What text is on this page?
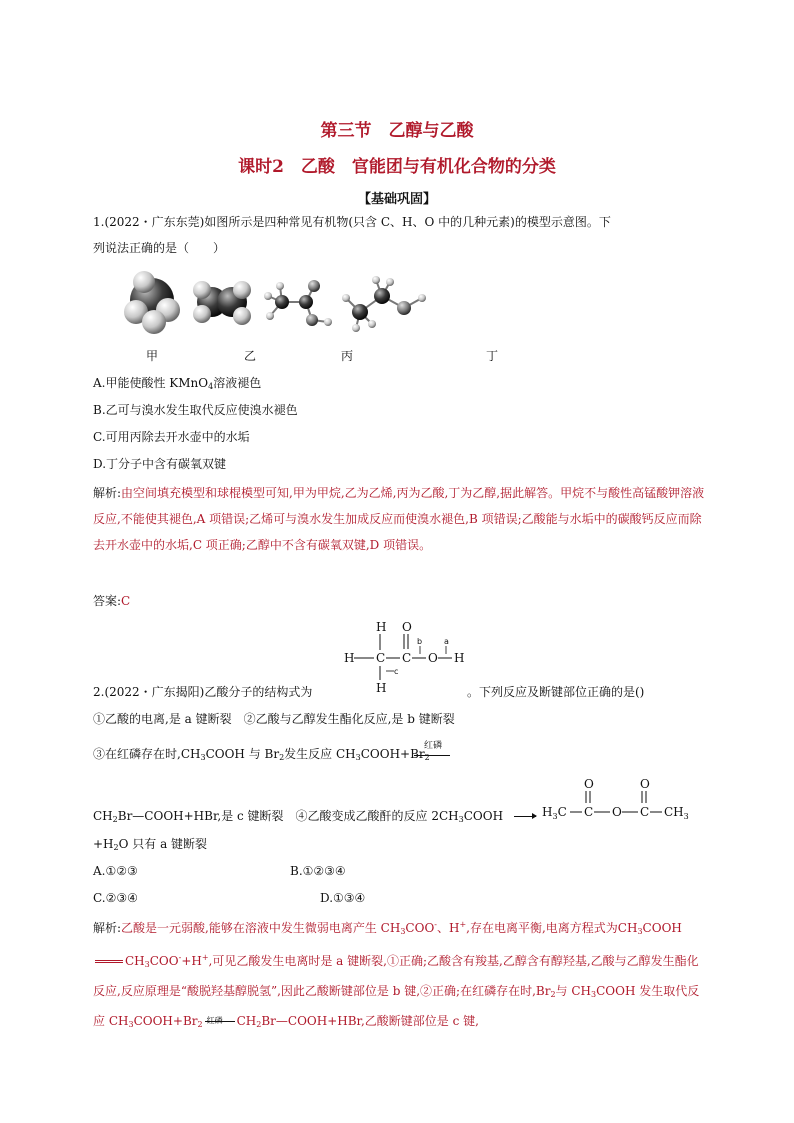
第三节　乙醇与乙酸
课时2　乙酸　官能团与有机化合物的分类
【基础巩固】
1.(2022・广东东莞)如图所示是四种常见有机物(只含 C、H、O 中的几种元素)的模型示意图。下
列说法正确的是（　　）
甲	乙	丙	丁
A.甲能使酸性 KMnO$_4$溶液褪色
B.乙可与溴水发生取代反应使溴水褪色
C.可用丙除去开水壶中的水垢
D.丁分子中含有碳氧双键
解析:由空间填充模型和球棍模型可知,甲为甲烷,乙为乙烯,丙为乙酸,丁为乙醇,据此解答。甲烷不与酸性高锰酸钾溶液反应,不能使其褪色,A 项错误;乙烯可与溴水发生加成反应而使溴水褪色,B 项错误;乙酸能与水垢中的碳酸钙反应而除去开水壶中的水垢,C 项正确;乙醇中不含有碳氧双键,D 项错误。
答案:C
H
H C
H
O
C O H
b	a
c
2.(2022・广东揭阳)乙酸分子的结构式为	。下列反应及断键部位正确的是()
①乙酸的电离,是 a 键断裂　②乙酸与乙醇发生酯化反应,是 b 键断裂
③在红磷存在时$,CH_3COOH$ 与 $Br_2$发生反应 $CH_3COOH+Br_2$
红磷
$H_3C$ C
O
O C
O
$CH_3$
$CH_2Br—COOH+HBr$,是 c 键断裂　④乙酸变成乙酸酐的反应 $2CH_3COOH$
$+H_2O$ 只有 a 键断裂
A.①②③	B.①②③④
C.②③④	D.①③④
解析:乙酸是一元弱酸,能够在溶液中发生微弱电离产生 $CH_3COO^-$、H+,存在电离平衡,电离方程式为$CH_3COOHCH_3COO^-+H^+$,可见乙酸发生电离时是 a 键断裂,①正确;乙酸含有羧基,乙醇含有醇羟基,乙酸与乙醇发生酯化反应,反应原理是“酸脱羟基醇脱氢”,因此乙酸断键部位是 b 键,②正确;在红磷存在时$,Br_2$与 $CH_3COOH$ 发生取代反应 $CH_3COOH+Br_2$ 红磷 $CH_2Br—COOH+HBr$,乙酸断键部位是 c 键,
